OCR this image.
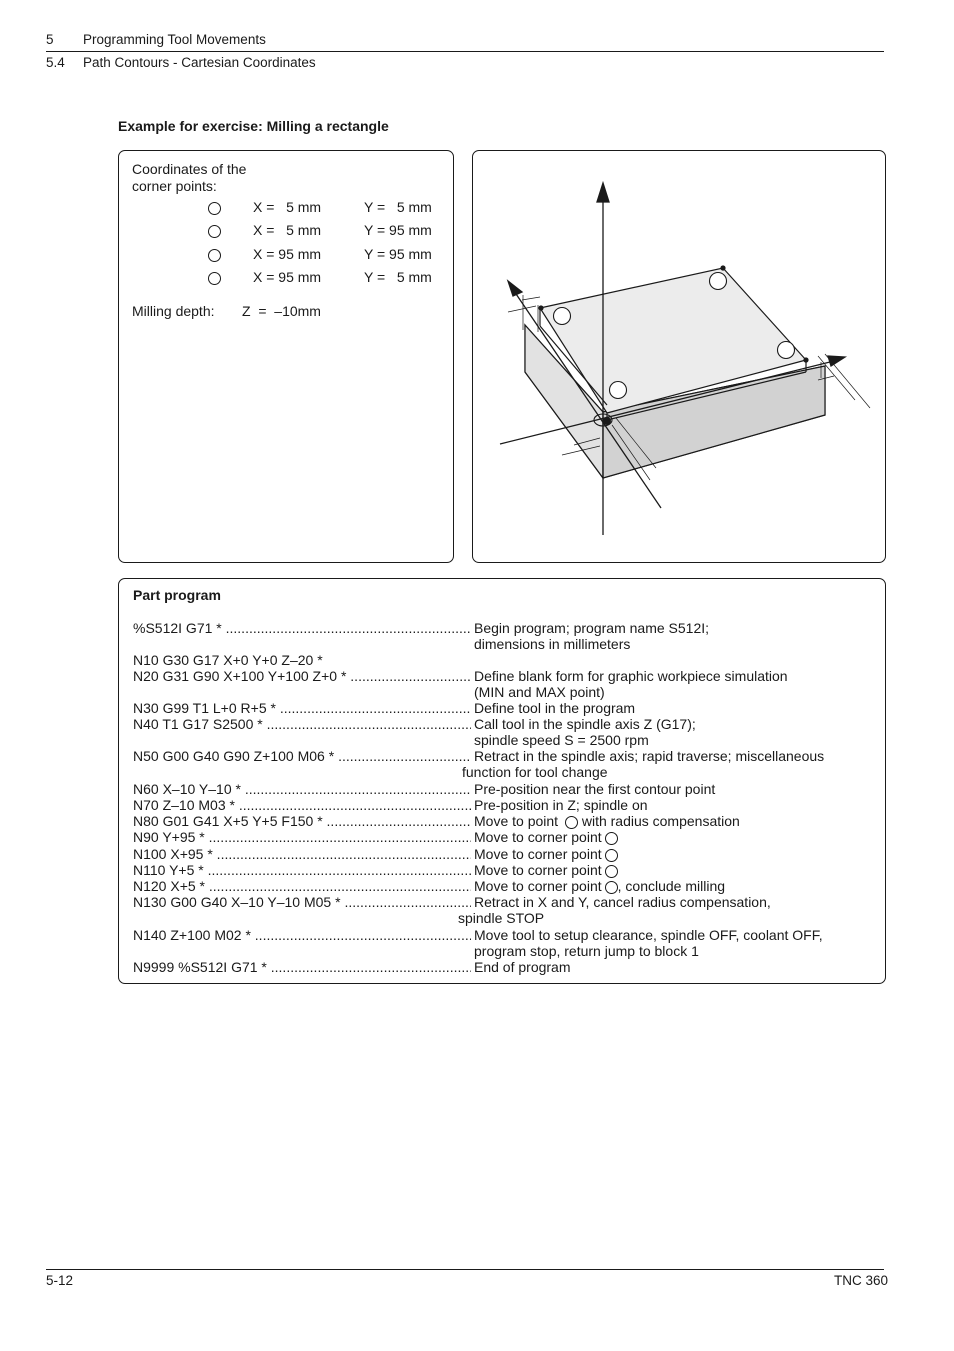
5 Programming Tool Movements
5.4 Path Contours - Cartesian Coordinates
Example for exercise: Milling a rectangle
Coordinates of the
corner points:
X =   5 mm	Y =   5 mm
X =   5 mm	Y = 95 mm
X = 95 mm	Y = 95 mm
X = 95 mm	Y =   5 mm
Milling depth: Z  =  –10mm
Part program
%S512I G71 * .....	Begin program; program name S512I;
dimensions in millimeters
N10 G30 G17 X+0 Y+0 Z–20 *
N20 G31 G90 X+100 Y+100 Z+0 * .....	Define blank form for graphic workpiece simulation
(MIN and MAX point)
N30 G99 T1 L+0 R+5 * .....	Define tool in the program
N40 T1 G17 S2500 * .....	Call tool in the spindle axis Z (G17);
spindle speed S = 2500 rpm
N50 G00 G40 G90 Z+100 M06 * .....	Retract in the spindle axis; rapid traverse; miscellaneous
function for tool change
N60 X–10 Y–10 * .....	Pre-position near the first contour point
N70 Z–10 M03 * .....	Pre-position in Z; spindle on
N80 G01 G41 X+5 Y+5 F150 * .....	Move to point with radius compensation
N90 Y+95 * .....	Move to corner point
N100 X+95 * .....	Move to corner point
N110 Y+5 * .....	Move to corner point
N120 X+5 * .....	Move to corner point , conclude milling
N130 G00 G40 X–10 Y–10 M05 * .....	Retract in X and Y, cancel radius compensation,
spindle STOP
N140 Z+100 M02 * .....	Move tool to setup clearance, spindle OFF, coolant OFF,
program stop, return jump to block 1
N9999 %S512I G71 * .....	End of program
5-12	TNC 360
